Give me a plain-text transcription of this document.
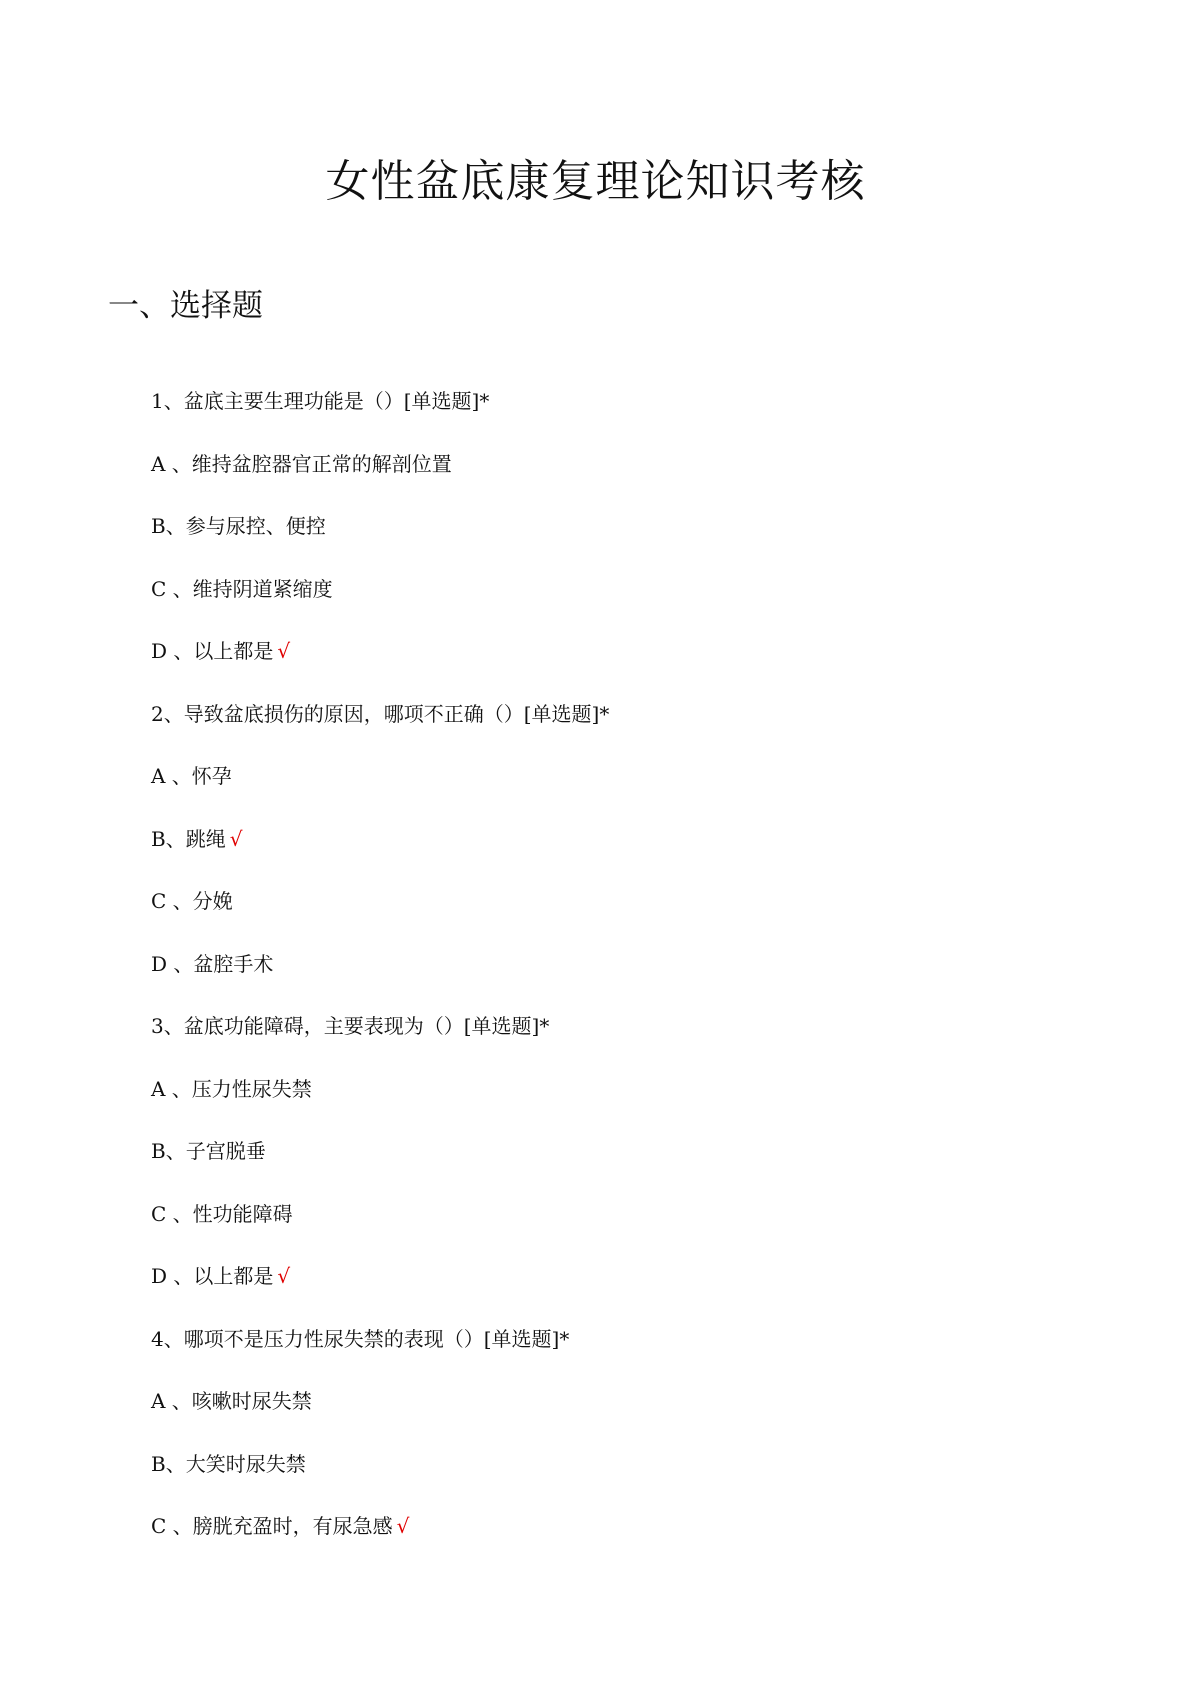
女性盆底康复理论知识考核
一、选择题
1、盆底主要生理功能是（）[单选题]*
A 、维持盆腔器官正常的解剖位置
B、参与尿控、便控
C 、维持阴道紧缩度
D 、以上都是 √
2、导致盆底损伤的原因，哪项不正确（）[单选题]*
A 、怀孕
B、跳绳 √
C 、分娩
D 、盆腔手术
3、盆底功能障碍，主要表现为（）[单选题]*
A 、压力性尿失禁
B、子宫脱垂
C 、性功能障碍
D 、以上都是 √
4、哪项不是压力性尿失禁的表现（）[单选题]*
A 、咳嗽时尿失禁
B、大笑时尿失禁
C 、膀胱充盈时，有尿急感 √
